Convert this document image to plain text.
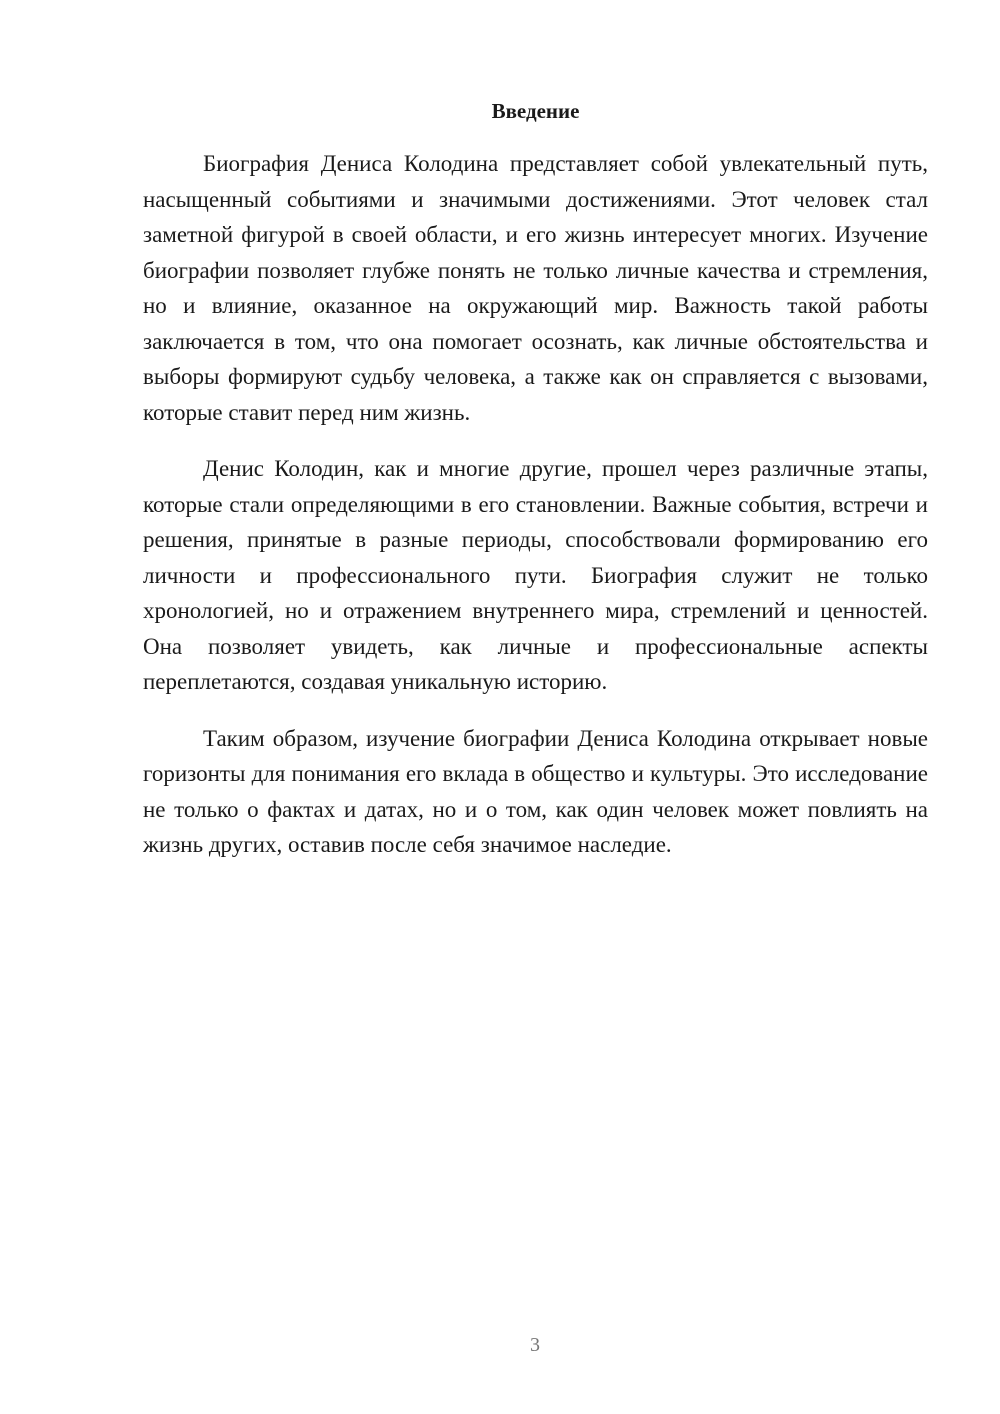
Введение

Биография Дениса Колодина представляет собой увлекательный путь, насыщенный событиями и значимыми достижениями. Этот человек стал заметной фигурой в своей области, и его жизнь интересует многих. Изучение биографии позволяет глубже понять не только личные качества и стремления, но и влияние, оказанное на окружающий мир. Важность такой работы заключается в том, что она помогает осознать, как личные обстоятельства и выборы формируют судьбу человека, а также как он справляется с вызовами, которые ставит перед ним жизнь.

Денис Колодин, как и многие другие, прошел через различные этапы, которые стали определяющими в его становлении. Важные события, встречи и решения, принятые в разные периоды, способствовали формированию его личности и профессионального пути. Биография служит не только хронологией, но и отражением внутреннего мира, стремлений и ценностей. Она позволяет увидеть, как личные и профессиональные аспекты переплетаются, создавая уникальную историю.

Таким образом, изучение биографии Дениса Колодина открывает новые горизонты для понимания его вклада в общество и культуры. Это исследование не только о фактах и датах, но и о том, как один человек может повлиять на жизнь других, оставив после себя значимое наследие.

3
